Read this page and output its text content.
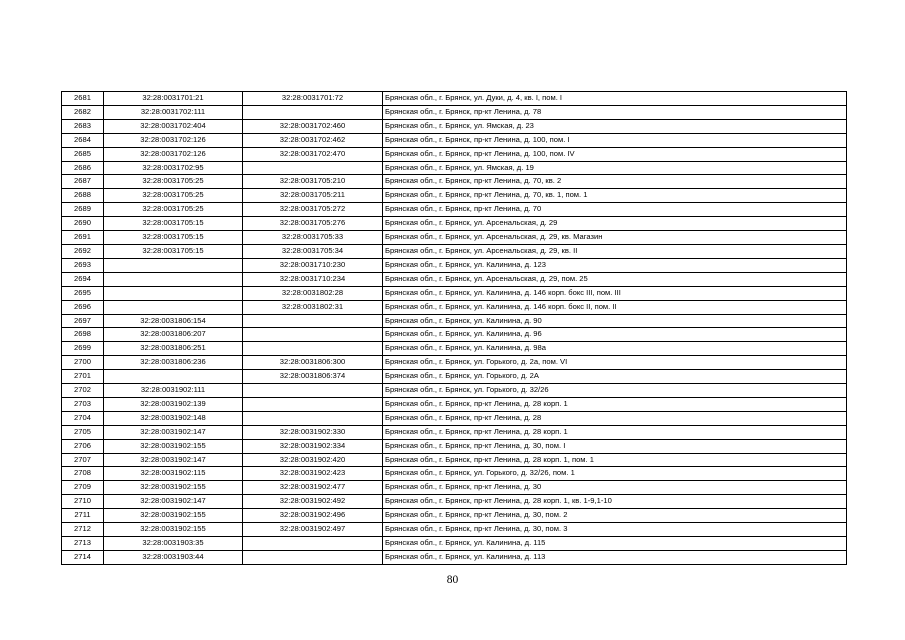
2681	32:28:0031701:21	32:28:0031701:72	Брянская обл., г. Брянск, ул. Дуки, д. 4, кв. I, пом. I
2682	32:28:0031702:111		Брянская обл., г. Брянск, пр-кт Ленина, д. 78
2683	32:28:0031702:404	32:28:0031702:460	Брянская обл., г. Брянск, ул. Ямская, д. 23
2684	32:28:0031702:126	32:28:0031702:462	Брянская обл., г. Брянск, пр-кт Ленина, д. 100, пом. I
2685	32:28:0031702:126	32:28:0031702:470	Брянская обл., г. Брянск, пр-кт Ленина, д. 100, пом. IV
2686	32:28:0031702:95		Брянская обл., г. Брянск, ул. Ямская, д. 19
2687	32:28:0031705:25	32:28:0031705:210	Брянская обл., г. Брянск, пр-кт Ленина, д. 70, кв. 2
2688	32:28:0031705:25	32:28:0031705:211	Брянская обл., г. Брянск, пр-кт Ленина, д. 70, кв. 1, пом. 1
2689	32:28:0031705:25	32:28:0031705:272	Брянская обл., г. Брянск, пр-кт Ленина, д. 70
2690	32:28:0031705:15	32:28:0031705:276	Брянская обл., г. Брянск, ул. Арсенальская, д. 29
2691	32:28:0031705:15	32:28:0031705:33	Брянская обл., г. Брянск, ул. Арсенальская, д. 29, кв. Магазин
2692	32:28:0031705:15	32:28:0031705:34	Брянская обл., г. Брянск, ул. Арсенальская, д. 29, кв. II
2693		32:28:0031710:230	Брянская обл., г. Брянск, ул. Калинина, д. 123
2694		32:28:0031710:234	Брянская обл., г. Брянск, ул. Арсенальская, д. 29, пом. 25
2695		32:28:0031802:28	Брянская обл., г. Брянск, ул. Калинина, д. 146 корп. бокс III, пом. III
2696		32:28:0031802:31	Брянская обл., г. Брянск, ул. Калинина, д. 146 корп. бокс II, пом. II
2697	32:28:0031806:154		Брянская обл., г. Брянск, ул. Калинина, д. 90
2698	32:28:0031806:207		Брянская обл., г. Брянск, ул. Калинина, д. 96
2699	32:28:0031806:251		Брянская обл., г. Брянск, ул. Калинина, д. 98а
2700	32:28:0031806:236	32:28:0031806:300	Брянская обл., г. Брянск, ул. Горького, д. 2а, пом. VI
2701		32:28:0031806:374	Брянская обл., г. Брянск, ул. Горького, д. 2А
2702	32:28:0031902:111		Брянская обл., г. Брянск, ул. Горького, д. 32/26
2703	32:28:0031902:139		Брянская обл., г. Брянск, пр-кт Ленина, д. 28 корп. 1
2704	32:28:0031902:148		Брянская обл., г. Брянск, пр-кт Ленина, д. 28
2705	32:28:0031902:147	32:28:0031902:330	Брянская обл., г. Брянск, пр-кт Ленина, д. 28 корп. 1
2706	32:28:0031902:155	32:28:0031902:334	Брянская обл., г. Брянск, пр-кт Ленина, д. 30, пом. I
2707	32:28:0031902:147	32:28:0031902:420	Брянская обл., г. Брянск, пр-кт Ленина, д. 28 корп. 1, пом. 1
2708	32:28:0031902:115	32:28:0031902:423	Брянская обл., г. Брянск, ул. Горького, д. 32/26, пом. 1
2709	32:28:0031902:155	32:28:0031902:477	Брянская обл., г. Брянск, пр-кт Ленина, д. 30
2710	32:28:0031902:147	32:28:0031902:492	Брянская обл., г. Брянск, пр-кт Ленина, д. 28 корп. 1, кв. 1-9,1-10
2711	32:28:0031902:155	32:28:0031902:496	Брянская обл., г. Брянск, пр-кт Ленина, д. 30, пом. 2
2712	32:28:0031902:155	32:28:0031902:497	Брянская обл., г. Брянск, пр-кт Ленина, д. 30, пом. 3
2713	32:28:0031903:35		Брянская обл., г. Брянск, ул. Калинина, д. 115
2714	32:28:0031903:44		Брянская обл., г. Брянск, ул. Калинина, д. 113
80
